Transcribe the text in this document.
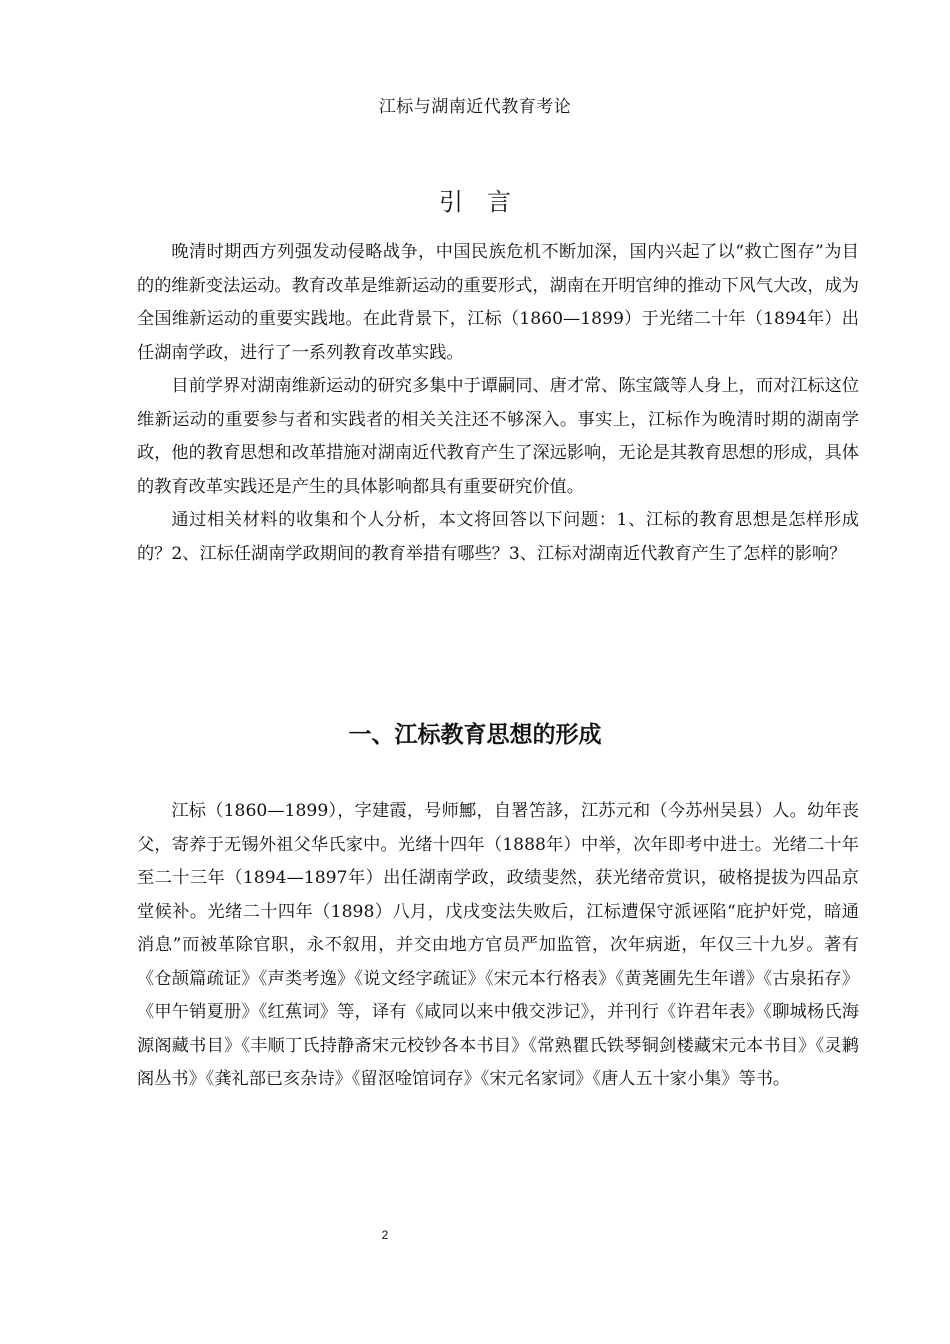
江标与湖南近代教育考论
引言

晚清时期西方列强发动侵略战争，中国民族危机不断加深，国内兴起了以“救亡图存”为目的的维新变法运动。教育改革是维新运动的重要形式，湖南在开明官绅的推动下风气大改，成为全国维新运动的重要实践地。在此背景下，江标（1860—1899）于光绪二十年（1894年）出任湖南学政，进行了一系列教育改革实践。

目前学界对湖南维新运动的研究多集中于谭嗣同、唐才常、陈宝箴等人身上，而对江标这位维新运动的重要参与者和实践者的相关关注还不够深入。事实上，江标作为晚清时期的湖南学政，他的教育思想和改革措施对湖南近代教育产生了深远影响，无论是其教育思想的形成，具体的教育改革实践还是产生的具体影响都具有重要研究价值。

通过相关材料的收集和个人分析，本文将回答以下问题：1、江标的教育思想是怎样形成的？2、江标任湖南学政期间的教育举措有哪些？3、江标对湖南近代教育产生了怎样的影响？

一、江标教育思想的形成

江标（1860—1899），字建霞，号师鄦，自署笘誃，江苏元和（今苏州吴县）人。幼年丧父，寄养于无锡外祖父华氏家中。光绪十四年（1888年）中举，次年即考中进士。光绪二十年至二十三年（1894—1897年）出任湖南学政，政绩斐然，获光绪帝赏识，破格提拔为四品京堂候补。光绪二十四年（1898）八月，戊戌变法失败后，江标遭保守派诬陷“庇护奸党，暗通消息”而被革除官职，永不叙用，并交由地方官员严加监管，次年病逝，年仅三十九岁。著有《仓颉篇疏证》《声类考逸》《说文经字疏证》《宋元本行格表》《黄荛圃先生年谱》《古泉拓存》《甲午销夏册》《红蕉词》等，译有《咸同以来中俄交涉记》，并刊行《许君年表》《聊城杨氏海源阁藏书目》《丰顺丁氏持静斋宋元校钞各本书目》《常熟瞿氏铁琴铜剑楼藏宋元本书目》《灵鹣阁丛书》《龚礼部已亥杂诗》《留沤唫馆词存》《宋元名家词》《唐人五十家小集》等书。

2
